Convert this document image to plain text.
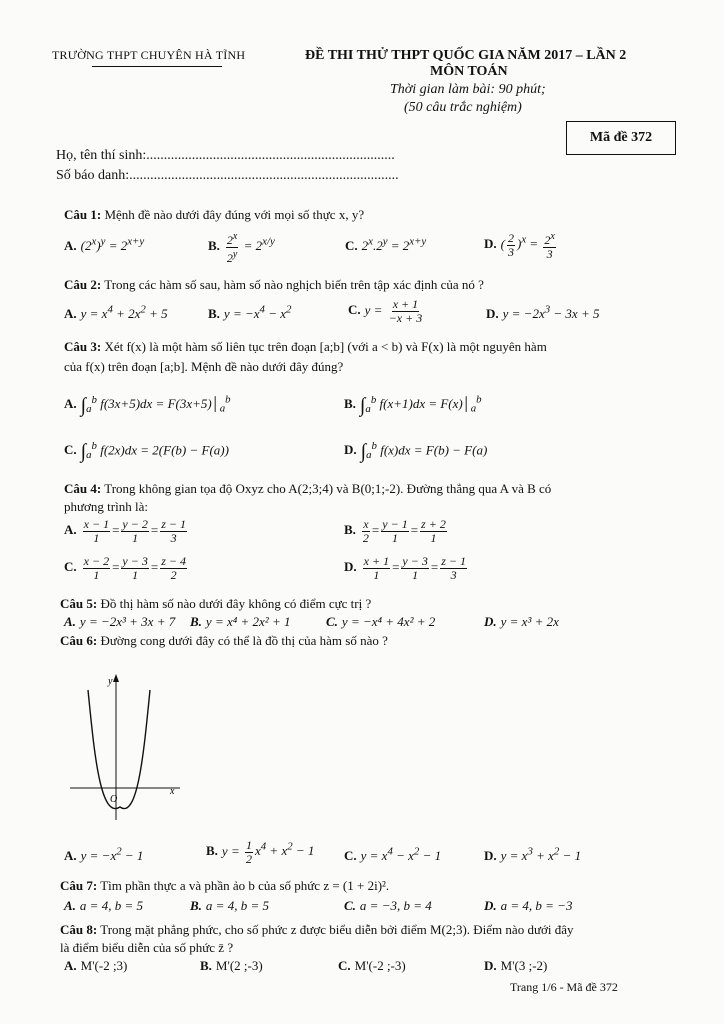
TRƯỜNG THPT CHUYÊN HÀ TĨNH	ĐỀ THI THỬ THPT QUỐC GIA NĂM 2017 – LẦN 2
MÔN TOÁN
Thời gian làm bài: 90 phút;
(50 câu trắc nghiệm)
Mã đề 372
Họ, tên thí sinh:.......................................................................
Số báo danh:.............................................................................
Câu 1: Mệnh đề nào dưới đây đúng với mọi số thực x, y?
A. $(2^x)^y = 2^{x+y}$	B. $\frac{2^x}{2^y} = 2^{x/y}$	C. $2^x.2^y = 2^{x+y}$	D. ( $\frac{2}{3} )^x = \frac{2^x}{3}$
Câu 2: Trong các hàm số sau, hàm số nào nghịch biến trên tập xác định của nó ?
A. $y = x^4 + 2x^2 + 5$	B. $y = -x^4 - x^2$	C. $y = \frac{x + 1}{-x + 3}$	D. $y = -2x^3 - 3x + 5$
Câu 3: Xét f(x) là một hàm số liên tục trên đoạn [a;b] (với a < b) và F(x) là một nguyên hàm
của f(x) trên đoạn [a;b]. Mệnh đề nào dưới đây đúng?
A. $\int_a^b$ $f(3x+5)dx = F(3x+5)│_a^b$	B. $\int_a^b$ $f(x+1)dx = F(x)│_a^b$
C. $\int_a^b$ f(2x)dx = 2(F(b) − F(a))	D. $\int_a^b$ f(x)dx = F(b) − F(a)
Câu 4: Trong không gian tọa độ Oxyz cho A(2;3;4) và B(0;1;-2). Đường thẳng qua A và B có
phương trình là:
A. $\frac{x - 1}{1} = \frac{y - 2}{1} = \frac{z - 1}{3}$	B. $\frac{x}{2} = \frac{y - 1}{1} = \frac{z + 2}{1}$
C. $\frac{x - 2}{1} = \frac{y - 3}{1} = \frac{z - 4}{2}$	D. $\frac{x + 1}{1} = \frac{y - 3}{1} = \frac{z - 1}{3}$
Câu 5: Đồ thị hàm số nào dưới đây không có điểm cực trị ?
A. y = −2x³ + 3x + 7 B. y = x⁴ + 2x² + 1	C. y = −x⁴ + 4x² + 2	D. y = x³ + 2x
Câu 6: Đường cong dưới đây có thể là đồ thị của hàm số nào ?
y
x
O
A. $y = -x^2 - 1$	B. $y = \frac{1}{2} x^4 + x^2 - 1$ C. $y = x^4 - x^2 - 1$	D. $y = x^3 + x^2 - 1$
Câu 7: Tìm phần thực a và phần ảo b của số phức z = (1 + 2i)².
A. a = 4, b = 5	B. a = 4, b = 5	C. a = −3, b = 4	D. a = 4, b = −3
Câu 8: Trong mặt phẳng phức, cho số phức z được biểu diễn bởi điểm M(2;3). Điểm nào dưới đây
là điểm biểu diễn của số phức z̄ ?
A. M'(-2 ;3)	B. M'(2 ;-3)	C. M'(-2 ;-3)	D. M'(3 ;-2)
Trang 1/6 - Mã đề 372
